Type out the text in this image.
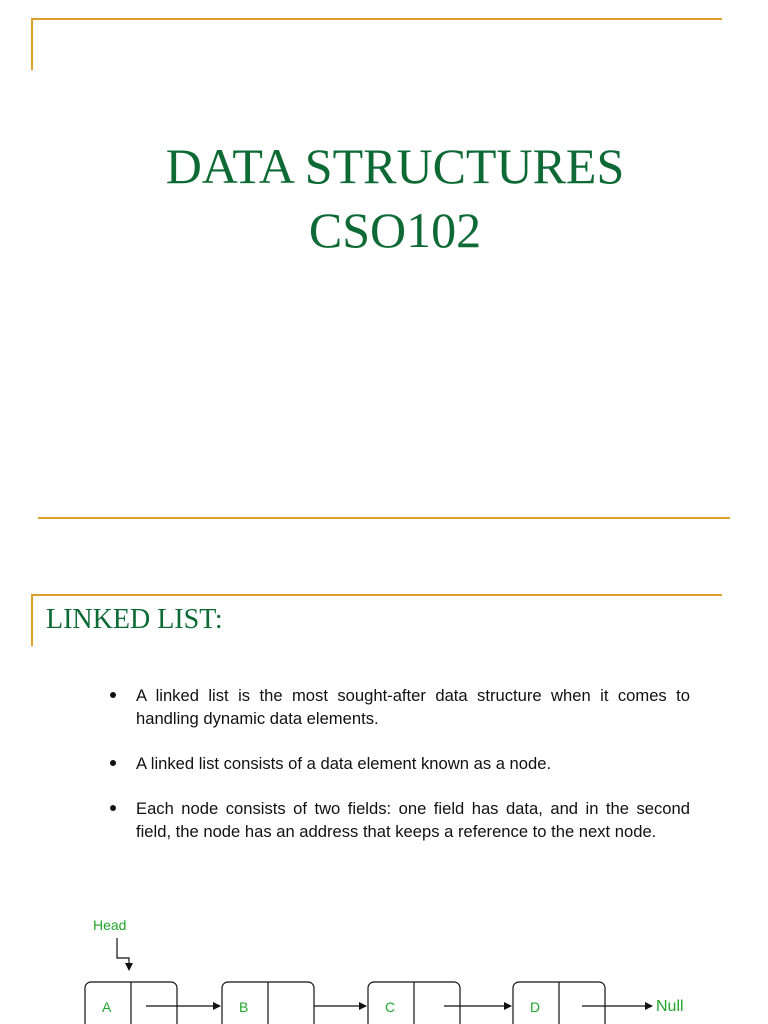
DATA STRUCTURES
CSO102
LINKED LIST:
A linked list is the most sought-after data structure when it comes to handling dynamic data elements.
A linked list consists of a data element known as a node.
Each node consists of two fields: one field has data, and in the second field, the node has an address that keeps a reference to the next node.
Head
A	B	C	D	Null
